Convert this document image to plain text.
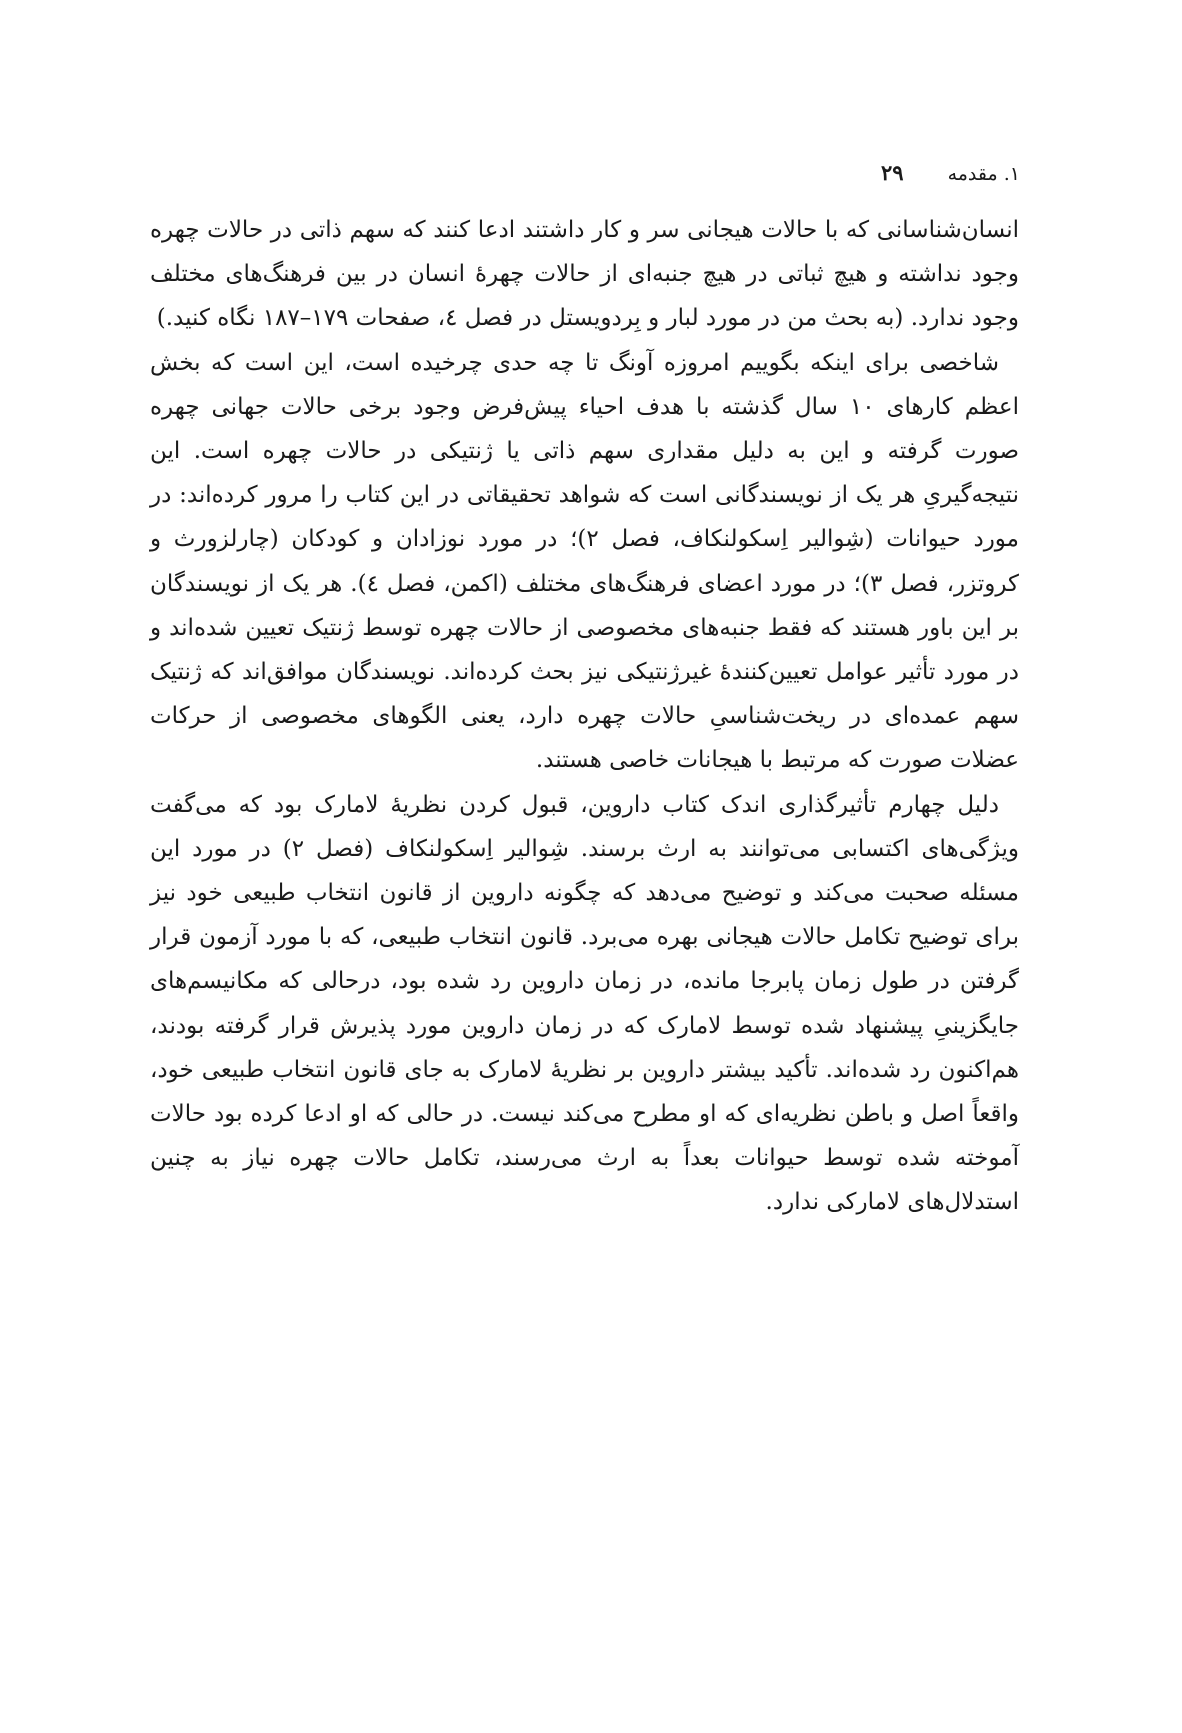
۱. مقدمه
۲۹

انسان‌شناسانی که با حالات هیجانی سر و کار داشتند ادعا کنند که سهم ذاتی در حالات چهره وجود نداشته و هیچ ثباتی در هیچ جنبه‌ای از حالات چهرهٔ انسان در بین فرهنگ‌های مختلف وجود ندارد. (به بحث من در مورد لبار و بِردویستل در فصل ٤، صفحات ۱۷۹–۱۸۷ نگاه کنید.)

شاخصی برای اینکه بگوییم امروزه آونگ تا چه حدی چرخیده است، این است که بخش اعظم کارهای ۱۰ سال گذشته با هدف احیاء پیش‌فرض وجود برخی حالات جهانی چهره صورت گرفته و این به دلیل مقداری سهم ذاتی یا ژنتیکی در حالات چهره است. این نتیجه‌گیریِ هر یک از نویسندگانی است که شواهد تحقیقاتی در این کتاب را مرور کرده‌اند: در مورد حیوانات (شِوالیر اِسکولنکاف، فصل ۲)؛ در مورد نوزادان و کودکان (چارلزورث و کروتزر، فصل ۳)؛ در مورد اعضای فرهنگ‌های مختلف (اکمن، فصل ٤). هر یک از نویسندگان بر این باور هستند که فقط جنبه‌های مخصوصی از حالات چهره توسط ژنتیک تعیین شده‌اند و در مورد تأثیر عوامل تعیین‌کنندهٔ غیرژنتیکی نیز بحث کرده‌اند. نویسندگان موافق‌اند که ژنتیک سهم عمده‌ای در ریخت‌شناسیِ حالات چهره دارد، یعنی الگوهای مخصوصی از حرکات عضلات صورت که مرتبط با هیجانات خاصی هستند.

دلیل چهارم تأثیرگذاری اندک کتاب داروین، قبول کردن نظریهٔ لامارک بود که می‌گفت ویژگی‌های اکتسابی می‌توانند به ارث برسند. شِوالیر اِسکولنکاف (فصل ۲) در مورد این مسئله صحبت می‌کند و توضیح می‌دهد که چگونه داروین از قانون انتخاب طبیعی خود نیز برای توضیح تکامل حالات هیجانی بهره می‌برد. قانون انتخاب طبیعی، که با مورد آزمون قرار گرفتن در طول زمان پابرجا مانده، در زمان داروین رد شده بود، درحالی که مکانیسم‌های جایگزینیِ پیشنهاد شده توسط لامارک که در زمان داروین مورد پذیرش قرار گرفته بودند، هم‌اکنون رد شده‌اند. تأکید بیشتر داروین بر نظریهٔ لامارک به جای قانون انتخاب طبیعی خود، واقعاً اصل و باطن نظریه‌ای که او مطرح می‌کند نیست. در حالی که او ادعا کرده بود حالات آموخته شده توسط حیوانات بعداً به ارث می‌رسند، تکامل حالات چهره نیاز به چنین استدلال‌های لامارکی ندارد.
